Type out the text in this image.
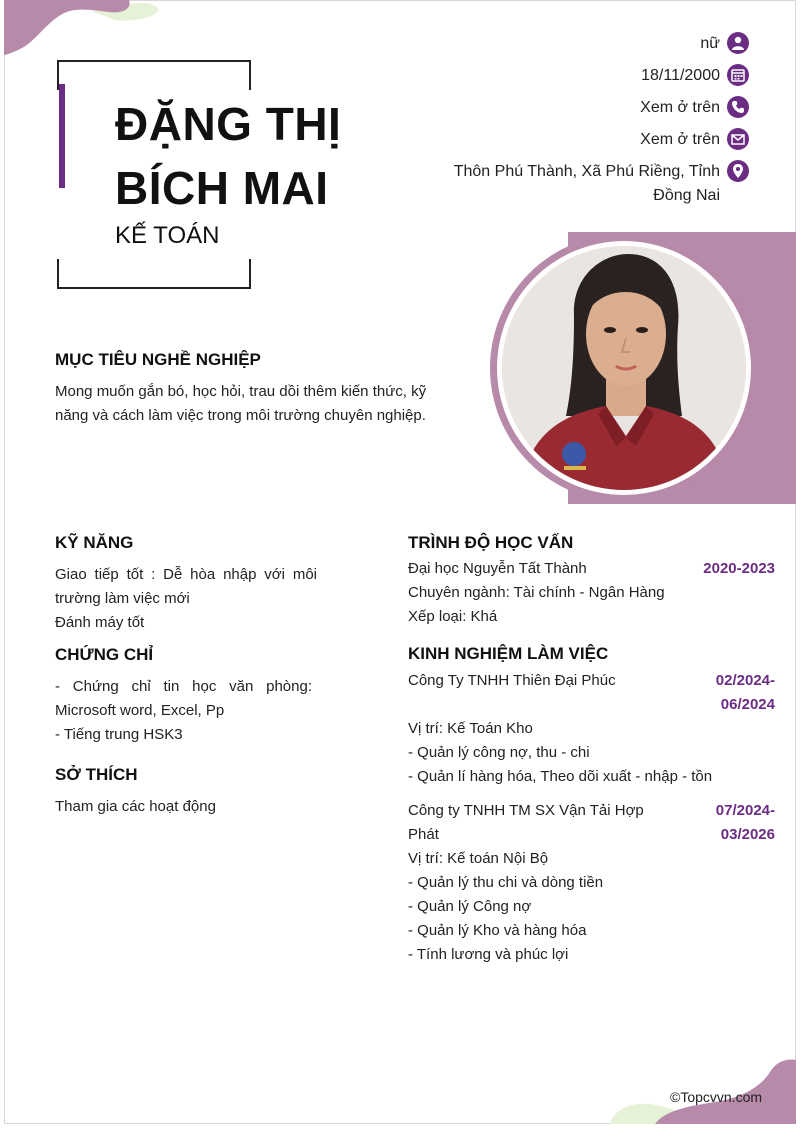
ĐẶNG THỊ
BÍCH MAI
KẾ TOÁN
nữ
18/11/2000
Xem ở trên
Xem ở trên
Thôn Phú Thành, Xã Phú Riềng, Tỉnh
Đồng Nai
MỤC TIÊU NGHỀ NGHIỆP
Mong muốn gắn bó, học hỏi, trau dồi thêm kiến thức, kỹ
năng và cách làm việc trong môi trường chuyên nghiệp.
KỸ NĂNG
Giao tiếp tốt : Dễ hòa nhập với môi
trường làm việc mới
Đánh máy tốt
CHỨNG CHỈ
- Chứng chỉ tin học văn phòng:
Microsoft word, Excel, Pp
- Tiếng trung HSK3
SỞ THÍCH
Tham gia các hoạt động
TRÌNH ĐỘ HỌC VẤN
Đại học Nguyễn Tất Thành	2020-2023
Chuyên ngành: Tài chính - Ngân Hàng
Xếp loại: Khá
KINH NGHIỆM LÀM VIỆC
Công Ty TNHH Thiên Đại Phúc	02/2024-
06/2024
Vị trí: Kế Toán Kho
- Quản lý công nợ, thu - chi
- Quản lí hàng hóa, Theo dõi xuất - nhập - tồn
Công ty TNHH TM SX Vận Tải Hợp
Phát
07/2024-
03/2026
Vị trí: Kế toán Nội Bộ
- Quản lý thu chi và dòng tiền
- Quản lý Công nợ
- Quản lý Kho và hàng hóa
- Tính lương và phúc lợi
©Topcvvn.com
